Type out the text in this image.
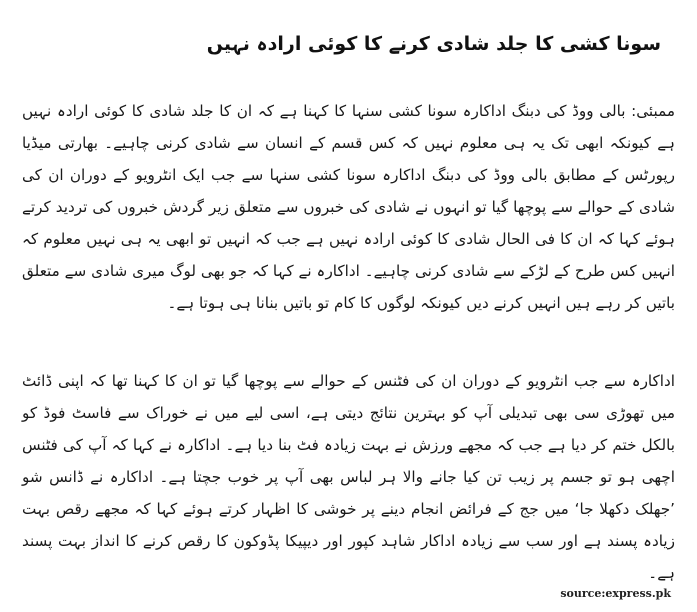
سونا کشی کا جلد شادی کرنے کا کوئی ارادہ نہیں

ممبئی: بالی ووڈ کی دبنگ اداکارہ سونا کشی سنہا کا کہنا ہے کہ ان کا جلد شادی کا کوئی ارادہ نہیں ہے کیونکہ ابھی تک یہ ہی معلوم نہیں کہ کس قسم کے انسان سے شادی کرنی چاہیے۔ بھارتی میڈیا رپورٹس کے مطابق بالی ووڈ کی دبنگ اداکارہ سونا کشی سنہا سے جب ایک انٹرویو کے دوران ان کی شادی کے حوالے سے پوچھا گیا تو انہوں نے شادی کی خبروں سے متعلق زیر گردش خبروں کی تردید کرتے ہوئے کہا کہ ان کا فی الحال شادی کا کوئی ارادہ نہیں ہے جب کہ انہیں تو ابھی یہ ہی نہیں معلوم کہ انہیں کس طرح کے لڑکے سے شادی کرنی چاہیے۔ اداکارہ نے کہا کہ جو بھی لوگ میری شادی سے متعلق باتیں کر رہے ہیں انہیں کرنے دیں کیونکہ لوگوں کا کام تو باتیں بنانا ہی ہوتا ہے۔

اداکارہ سے جب انٹرویو کے دوران ان کی فٹنس کے حوالے سے پوچھا گیا تو ان کا کہنا تھا کہ اپنی ڈائٹ میں تھوڑی سی بھی تبدیلی آپ کو بہترین نتائج دیتی ہے، اسی لیے میں نے خوراک سے فاسٹ فوڈ کو بالکل ختم کر دیا ہے جب کہ مجھے ورزش نے بہت زیادہ فٹ بنا دیا ہے۔ اداکارہ نے کہا کہ آپ کی فٹنس اچھی ہو تو جسم پر زیب تن کیا جانے والا ہر لباس بھی آپ پر خوب جچتا ہے۔ اداکارہ نے ڈانس شو ’جھلک دکھلا جا‘ میں جج کے فرائض انجام دینے پر خوشی کا اظہار کرتے ہوئے کہا کہ مجھے رقص بہت زیادہ پسند ہے اور سب سے زیادہ اداکار شاہد کپور اور دیپیکا پڈوکون کا رقص کرنے کا انداز بہت پسند ہے۔

source:express.pk
